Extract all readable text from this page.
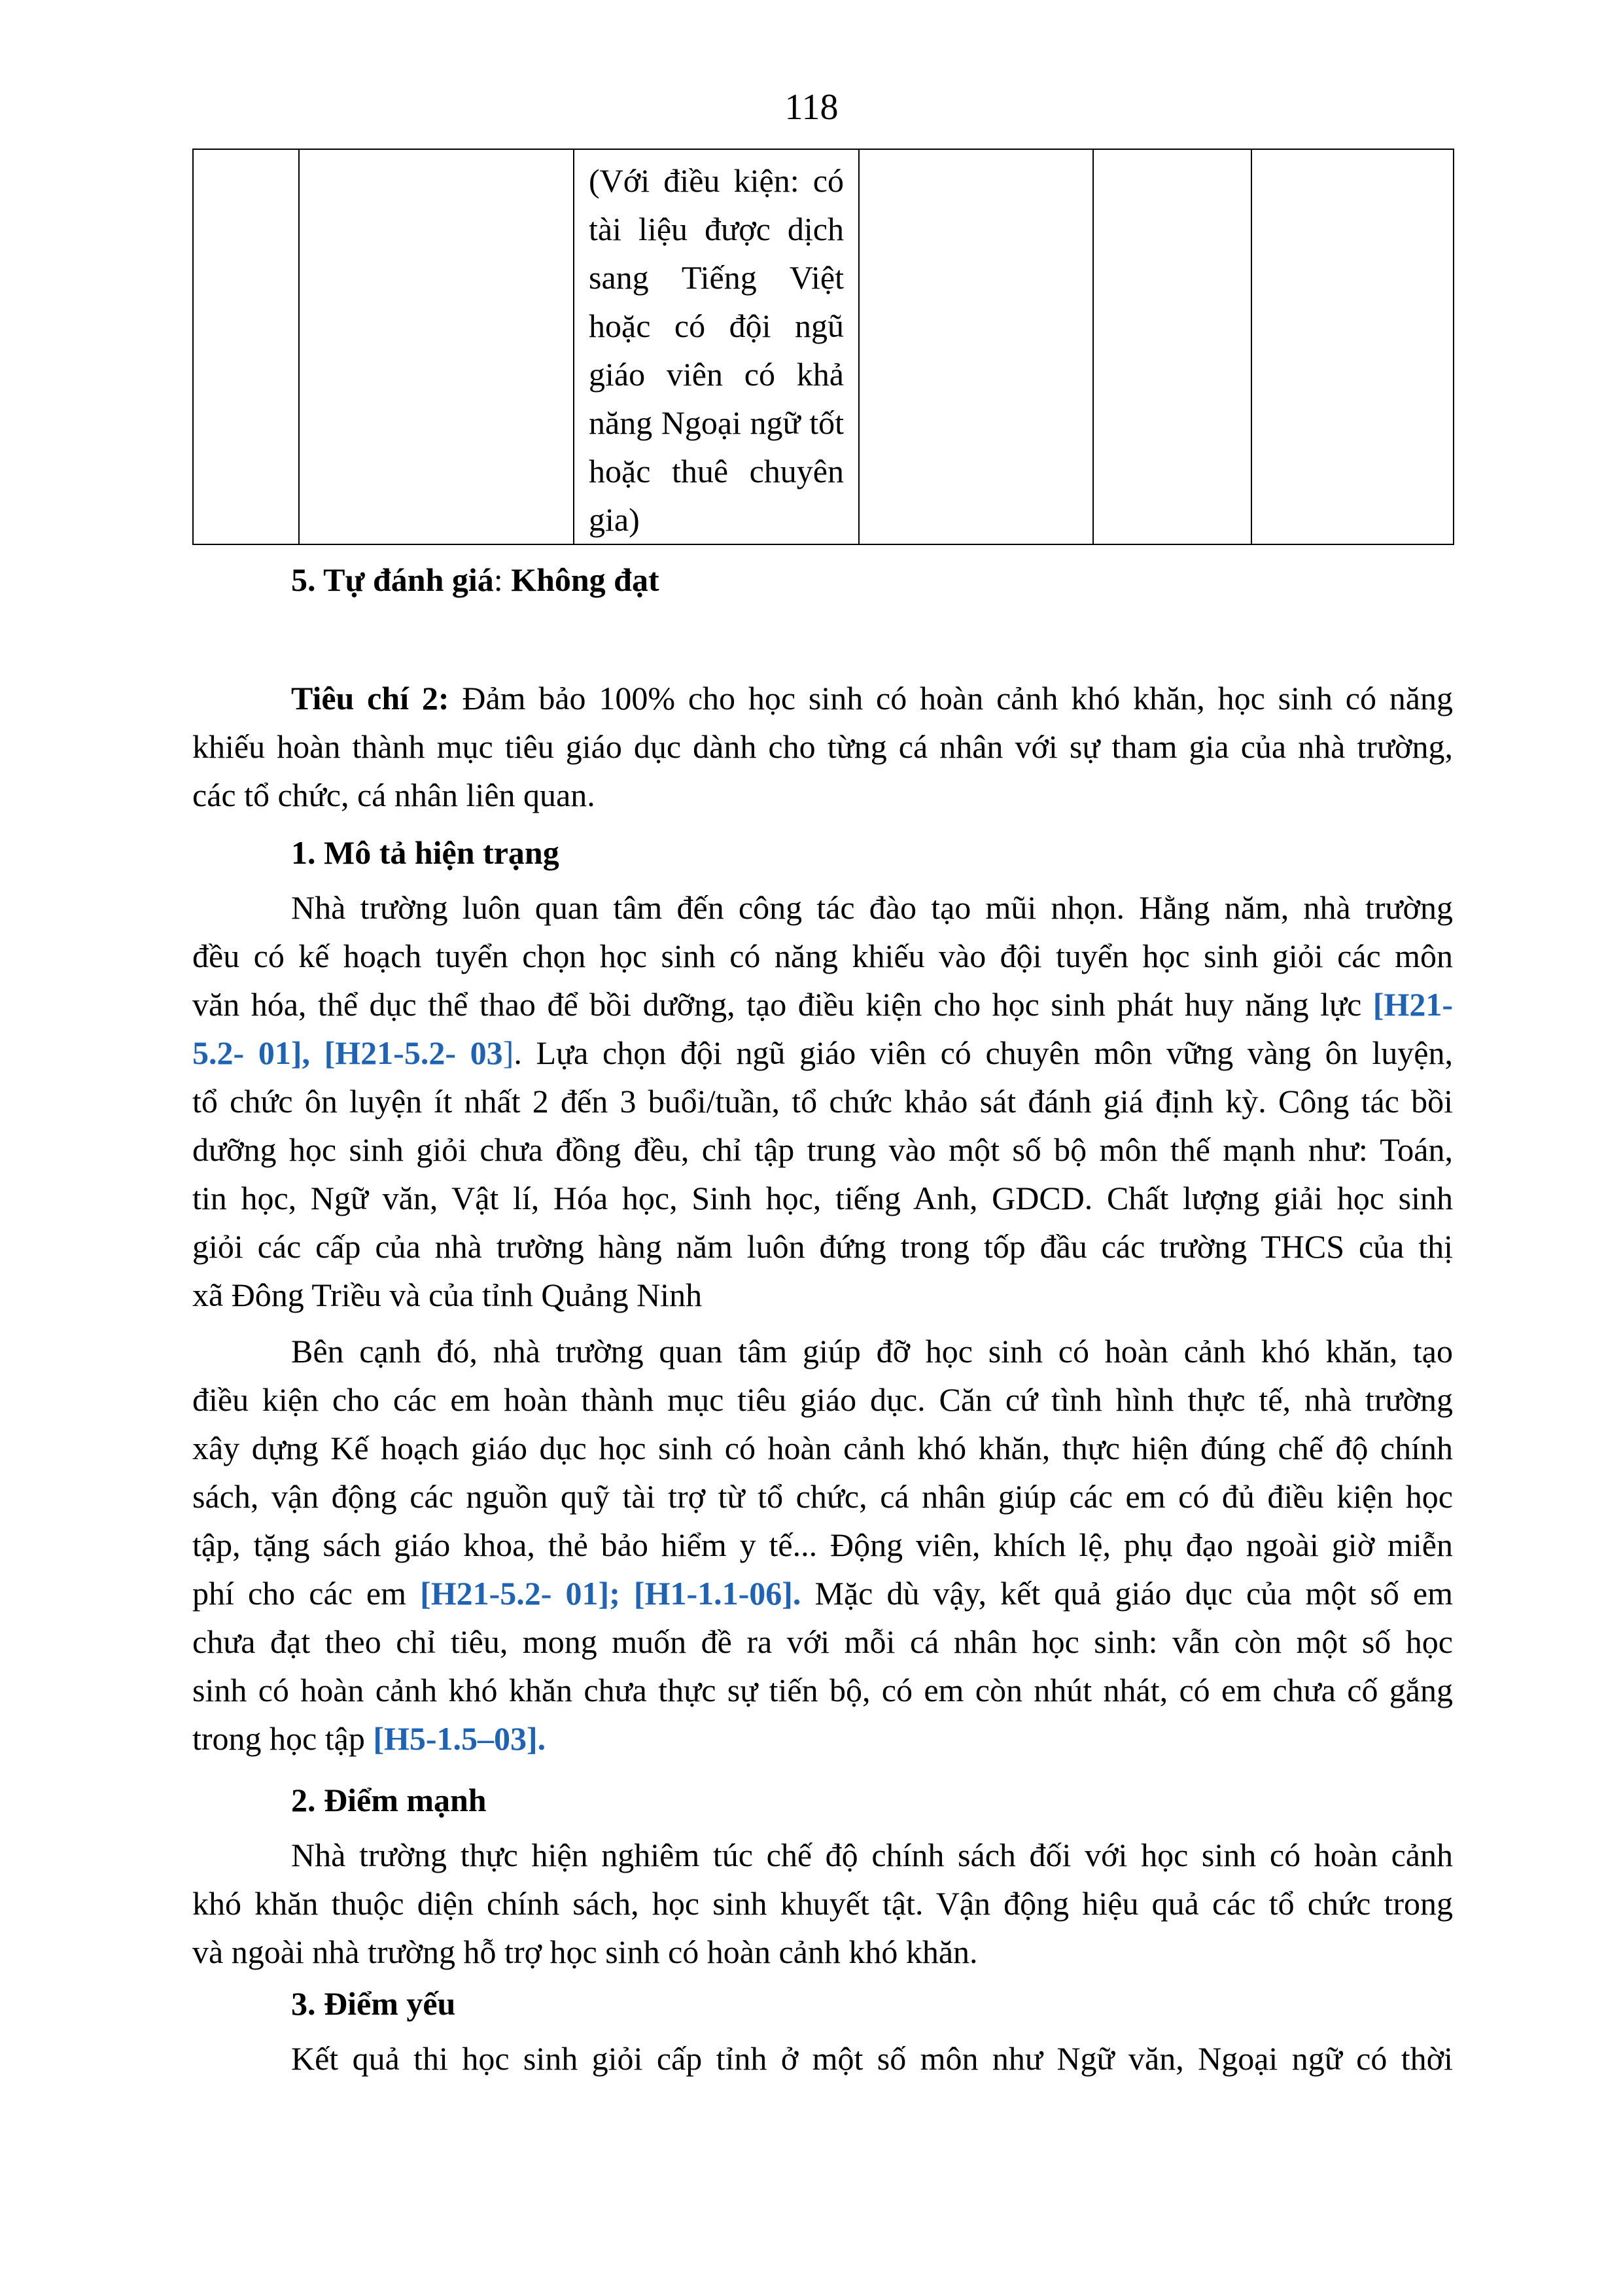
118

(Với điều kiện: có
tài liệu được dịch
sang Tiếng Việt
hoặc có đội ngũ
giáo viên có khả
năng Ngoại ngữ tốt
hoặc thuê chuyên
gia)

5. Tự đánh giá: Không đạt

Tiêu chí 2: Đảm bảo 100% cho học sinh có hoàn cảnh khó khăn, học sinh có năng
khiếu hoàn thành mục tiêu giáo dục dành cho từng cá nhân với sự tham gia của nhà trường,
các tổ chức, cá nhân liên quan.

1. Mô tả hiện trạng

Nhà trường luôn quan tâm đến công tác đào tạo mũi nhọn. Hằng năm, nhà trường
đều có kế hoạch tuyển chọn học sinh có năng khiếu vào đội tuyển học sinh giỏi các môn
văn hóa, thể dục thể thao để bồi dưỡng, tạo điều kiện cho học sinh phát huy năng lực [H21-
5.2- 01], [H21-5.2- 03]. Lựa chọn đội ngũ giáo viên có chuyên môn vững vàng ôn luyện,
tổ chức ôn luyện ít nhất 2 đến 3 buổi/tuần, tổ chức khảo sát đánh giá định kỳ. Công tác bồi
dưỡng học sinh giỏi chưa đồng đều, chỉ tập trung vào một số bộ môn thế mạnh như: Toán,
tin học, Ngữ văn, Vật lí, Hóa học, Sinh học, tiếng Anh, GDCD. Chất lượng giải học sinh
giỏi các cấp của nhà trường hàng năm luôn đứng trong tốp đầu các trường THCS của thị
xã Đông Triều và của tỉnh Quảng Ninh

Bên cạnh đó, nhà trường quan tâm giúp đỡ học sinh có hoàn cảnh khó khăn, tạo
điều kiện cho các em hoàn thành mục tiêu giáo dục. Căn cứ tình hình thực tế, nhà trường
xây dựng Kế hoạch giáo dục học sinh có hoàn cảnh khó khăn, thực hiện đúng chế độ chính
sách, vận động các nguồn quỹ tài trợ từ tổ chức, cá nhân giúp các em có đủ điều kiện học
tập, tặng sách giáo khoa, thẻ bảo hiểm y tế... Động viên, khích lệ, phụ đạo ngoài giờ miễn
phí cho các em [H21-5.2- 01]; [H1-1.1-06]. Mặc dù vậy, kết quả giáo dục của một số em
chưa đạt theo chỉ tiêu, mong muốn đề ra với mỗi cá nhân học sinh: vẫn còn một số học
sinh có hoàn cảnh khó khăn chưa thực sự tiến bộ, có em còn nhút nhát, có em chưa cố gắng
trong học tập [H5-1.5–03].

2. Điểm mạnh

Nhà trường thực hiện nghiêm túc chế độ chính sách đối với học sinh có hoàn cảnh
khó khăn thuộc diện chính sách, học sinh khuyết tật. Vận động hiệu quả các tổ chức trong
và ngoài nhà trường hỗ trợ học sinh có hoàn cảnh khó khăn.

3. Điểm yếu

Kết quả thi học sinh giỏi cấp tỉnh ở một số môn như Ngữ văn, Ngoại ngữ có thời
